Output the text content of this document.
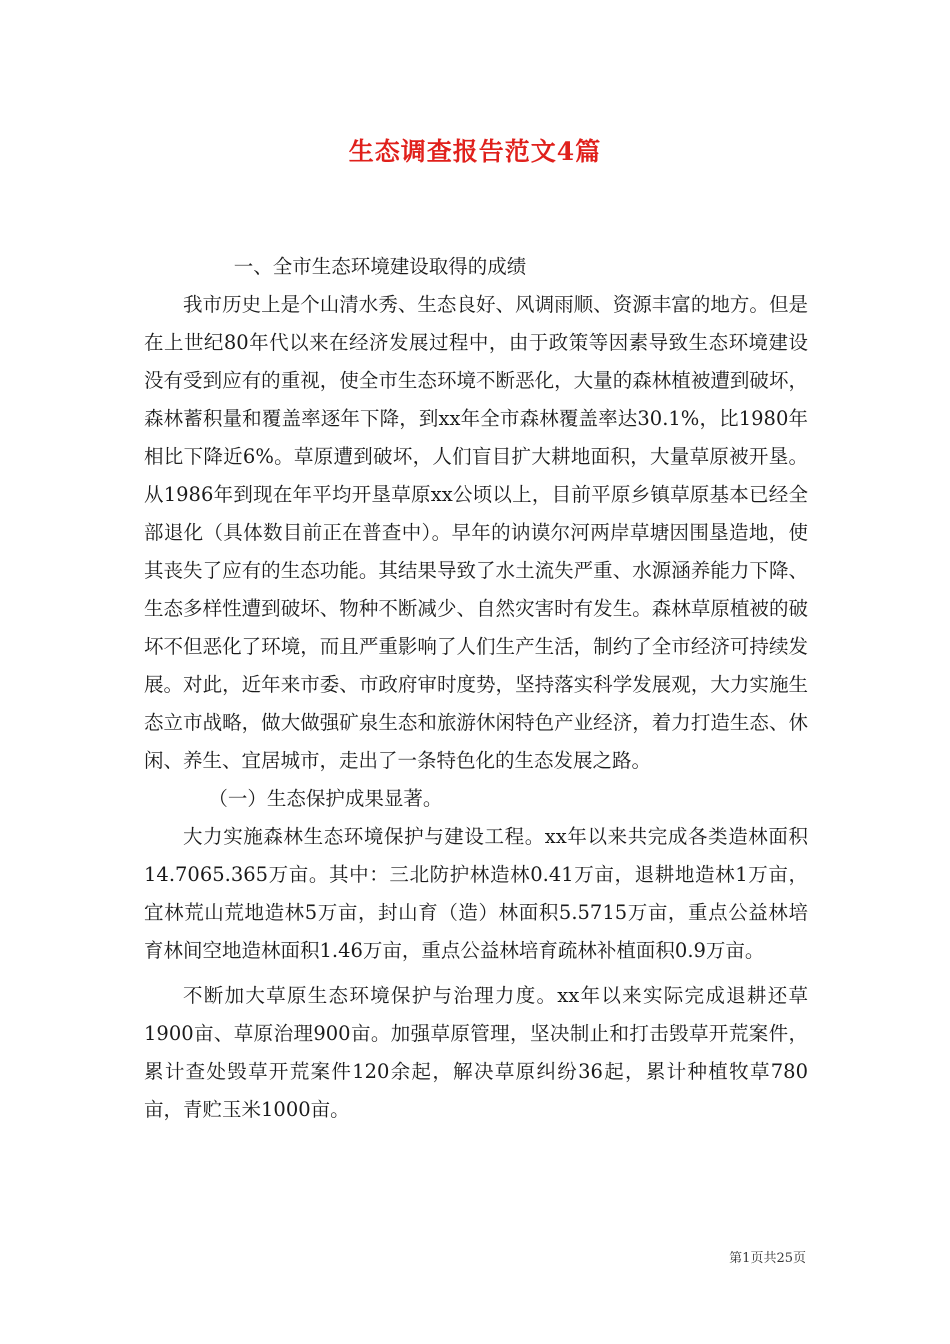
生态调查报告范文4篇

一、全市生态环境建设取得的成绩

我市历史上是个山清水秀、生态良好、风调雨顺、资源丰富的地方。但是在上世纪80年代以来在经济发展过程中，由于政策等因素导致生态环境建设没有受到应有的重视，使全市生态环境不断恶化，大量的森林植被遭到破坏，森林蓄积量和覆盖率逐年下降，到xx年全市森林覆盖率达30.1%，比1980年相比下降近6%。草原遭到破坏，人们盲目扩大耕地面积，大量草原被开垦。从1986年到现在年平均开垦草原xx公顷以上，目前平原乡镇草原基本已经全部退化（具体数目前正在普查中）。早年的讷谟尔河两岸草塘因围垦造地，使其丧失了应有的生态功能。其结果导致了水土流失严重、水源涵养能力下降、生态多样性遭到破坏、物种不断减少、自然灾害时有发生。森林草原植被的破坏不但恶化了环境，而且严重影响了人们生产生活，制约了全市经济可持续发展。对此，近年来市委、市政府审时度势，坚持落实科学发展观，大力实施生态立市战略，做大做强矿泉生态和旅游休闲特色产业经济，着力打造生态、休闲、养生、宜居城市，走出了一条特色化的生态发展之路。

（一）生态保护成果显著。

大力实施森林生态环境保护与建设工程。xx年以来共完成各类造林面积14.7065.365万亩。其中：三北防护林造林0.41万亩，退耕地造林1万亩，宜林荒山荒地造林5万亩，封山育（造）林面积5.5715万亩，重点公益林培育林间空地造林面积1.46万亩，重点公益林培育疏林补植面积0.9万亩。

不断加大草原生态环境保护与治理力度。xx年以来实际完成退耕还草1900亩、草原治理900亩。加强草原管理，坚决制止和打击毁草开荒案件，累计查处毁草开荒案件120余起，解决草原纠纷36起，累计种植牧草780亩，青贮玉米1000亩。

第1页共25页
